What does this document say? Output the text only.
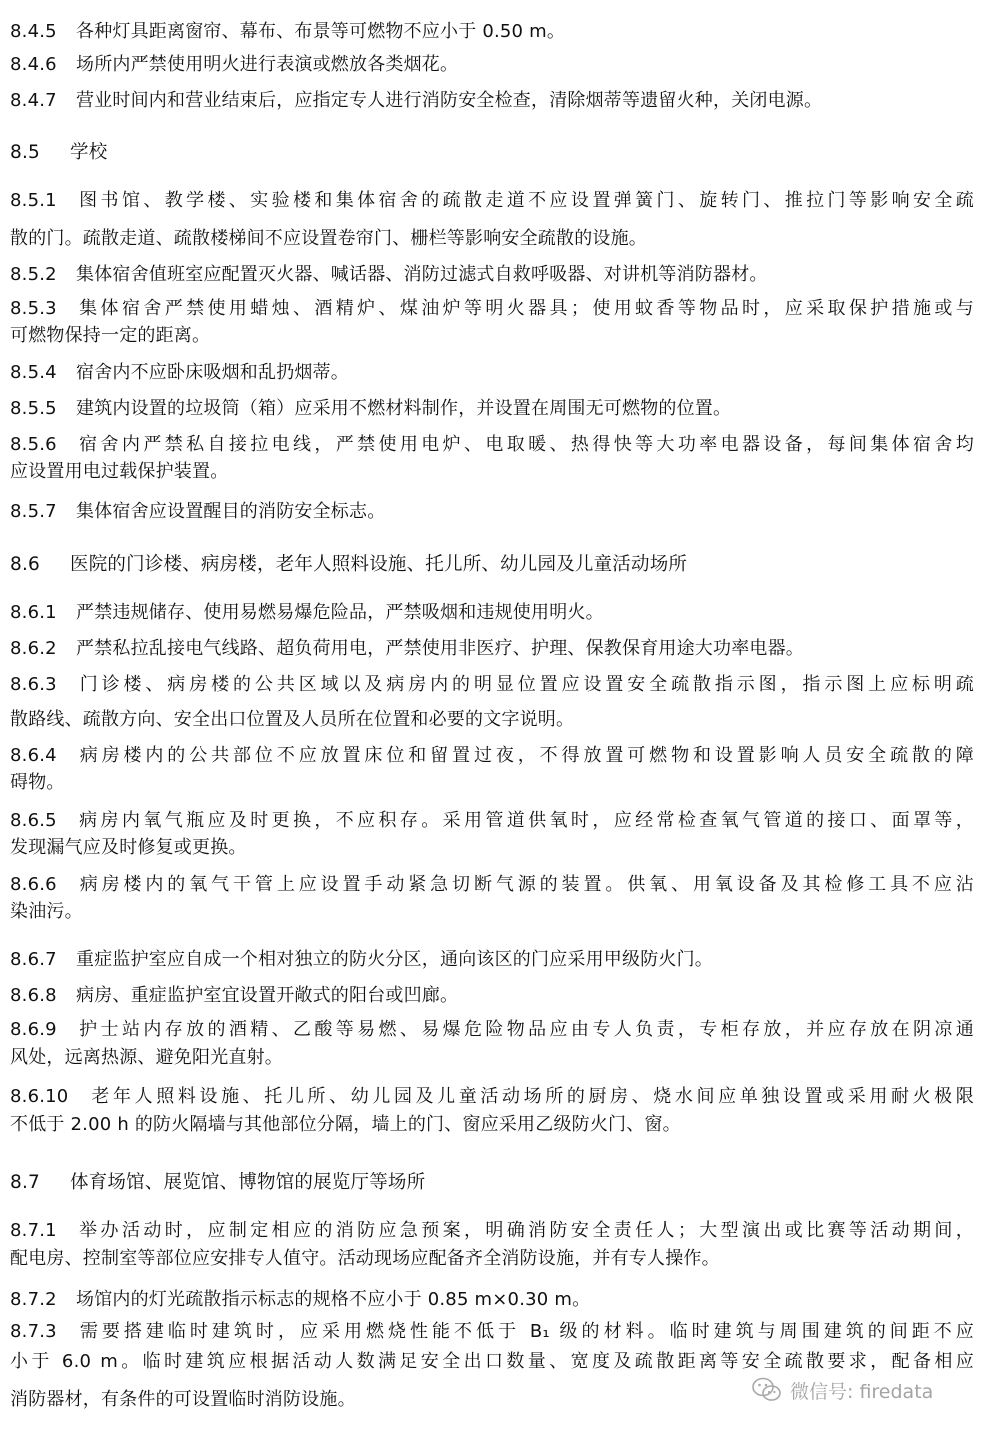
8.4.5 各种灯具距离窗帘、幕布、布景等可燃物不应小于 0.50 m。
8.4.6 场所内严禁使用明火进行表演或燃放各类烟花。
8.4.7 营业时间内和营业结束后，应指定专人进行消防安全检查，清除烟蒂等遗留火种，关闭电源。
8.5 学校
8.5.1 图书馆、教学楼、实验楼和集体宿舍的疏散走道不应设置弹簧门、旋转门、推拉门等影响安全疏
散的门。疏散走道、疏散楼梯间不应设置卷帘门、栅栏等影响安全疏散的设施。
8.5.2 集体宿舍值班室应配置灭火器、喊话器、消防过滤式自救呼吸器、对讲机等消防器材。
8.5.3 集体宿舍严禁使用蜡烛、酒精炉、煤油炉等明火器具；使用蚊香等物品时，应采取保护措施或与
可燃物保持一定的距离。
8.5.4 宿舍内不应卧床吸烟和乱扔烟蒂。
8.5.5 建筑内设置的垃圾筒（箱）应采用不燃材料制作，并设置在周围无可燃物的位置。
8.5.6 宿舍内严禁私自接拉电线，严禁使用电炉、电取暖、热得快等大功率电器设备，每间集体宿舍均
应设置用电过载保护装置。
8.5.7 集体宿舍应设置醒目的消防安全标志。
8.6 医院的门诊楼、病房楼，老年人照料设施、托儿所、幼儿园及儿童活动场所
8.6.1 严禁违规储存、使用易燃易爆危险品，严禁吸烟和违规使用明火。
8.6.2 严禁私拉乱接电气线路、超负荷用电，严禁使用非医疗、护理、保教保育用途大功率电器。
8.6.3 门诊楼、病房楼的公共区域以及病房内的明显位置应设置安全疏散指示图，指示图上应标明疏
散路线、疏散方向、安全出口位置及人员所在位置和必要的文字说明。
8.6.4 病房楼内的公共部位不应放置床位和留置过夜，不得放置可燃物和设置影响人员安全疏散的障
碍物。
8.6.5 病房内氧气瓶应及时更换，不应积存。采用管道供氧时，应经常检查氧气管道的接口、面罩等，
发现漏气应及时修复或更换。
8.6.6 病房楼内的氧气干管上应设置手动紧急切断气源的装置。供氧、用氧设备及其检修工具不应沾
染油污。
8.6.7 重症监护室应自成一个相对独立的防火分区，通向该区的门应采用甲级防火门。
8.6.8 病房、重症监护室宜设置开敞式的阳台或凹廊。
8.6.9 护士站内存放的酒精、乙酸等易燃、易爆危险物品应由专人负责，专柜存放，并应存放在阴凉通
风处，远离热源、避免阳光直射。
8.6.10 老年人照料设施、托儿所、幼儿园及儿童活动场所的厨房、烧水间应单独设置或采用耐火极限
不低于 2.00 h 的防火隔墙与其他部位分隔，墙上的门、窗应采用乙级防火门、窗。
8.7 体育场馆、展览馆、博物馆的展览厅等场所
8.7.1 举办活动时，应制定相应的消防应急预案，明确消防安全责任人；大型演出或比赛等活动期间，
配电房、控制室等部位应安排专人值守。活动现场应配备齐全消防设施，并有专人操作。
8.7.2 场馆内的灯光疏散指示标志的规格不应小于 0.85 m×0.30 m。
8.7.3 需要搭建临时建筑时，应采用燃烧性能不低于 B₁ 级的材料。临时建筑与周围建筑的间距不应
小于 6.0 m。临时建筑应根据活动人数满足安全出口数量、宽度及疏散距离等安全疏散要求，配备相应
消防器材，有条件的可设置临时消防设施。	微信号: firedata
